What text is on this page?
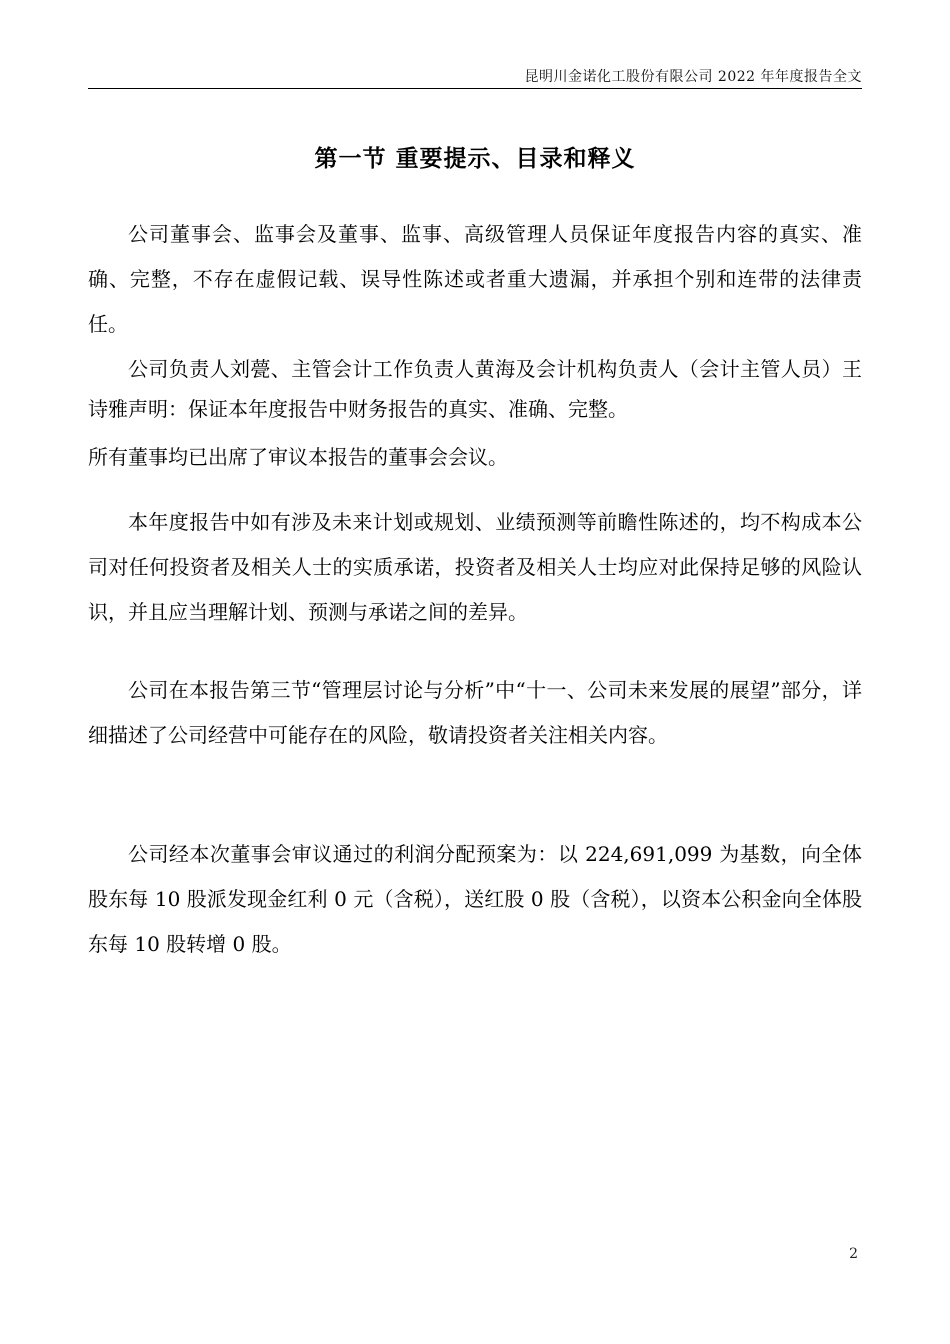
昆明川金诺化工股份有限公司 2022 年年度报告全文
第一节 重要提示、目录和释义

公司董事会、监事会及董事、监事、高级管理人员保证年度报告内容的真实、准确、完整，不存在虚假记载、误导性陈述或者重大遗漏，并承担个别和连带的法律责任。

公司负责人刘甍、主管会计工作负责人黄海及会计机构负责人（会计主管人员）王诗雅声明：保证本年度报告中财务报告的真实、准确、完整。

所有董事均已出席了审议本报告的董事会会议。

本年度报告中如有涉及未来计划或规划、业绩预测等前瞻性陈述的，均不构成本公司对任何投资者及相关人士的实质承诺，投资者及相关人士均应对此保持足够的风险认识，并且应当理解计划、预测与承诺之间的差异。

公司在本报告第三节“管理层讨论与分析”中“十一、公司未来发展的展望”部分，详细描述了公司经营中可能存在的风险，敬请投资者关注相关内容。

公司经本次董事会审议通过的利润分配预案为：以 224,691,099 为基数，向全体股东每 10 股派发现金红利 0 元（含税），送红股 0 股（含税），以资本公积金向全体股东每 10 股转增 0 股。

2
